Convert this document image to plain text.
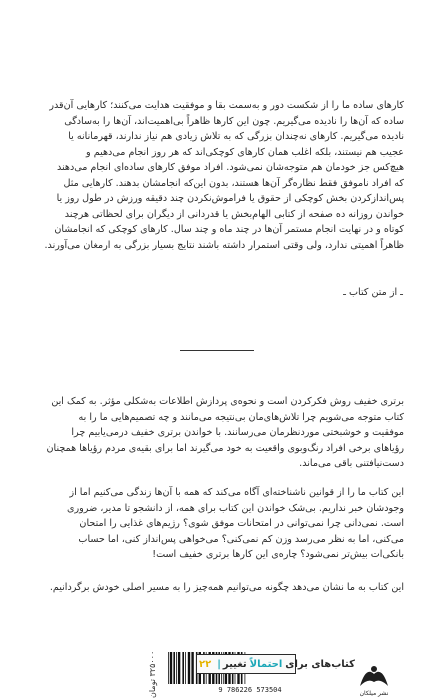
کارهای ساده ما را از شکست دور و به‌سمت بقا و موفقیت هدایت می‌کنند؛ کارهایی آن‌قدر
ساده که آن‌ها را نادیده می‌گیریم. چون این کارها ظاهراً بی‌اهمیت‌اند، آن‌ها را به‌سادگی
نادیده می‌گیریم. کارهای نه‌چندان بزرگی که به تلاش زیادی هم نیاز ندارند، قهرمانانه یا
عجیب هم نیستند، بلکه اغلب همان کارهای کوچکی‌اند که هر روز انجام می‌دهیم و
هیچ‌کس جز خودمان هم متوجه‌شان نمی‌شود. افراد موفق کارهای ساده‌ای انجام می‌دهند
که افراد ناموفق فقط نظاره‌گر آن‌ها هستند، بدون این‌که انجامشان بدهند. کارهایی مثل
پس‌اندازکردن بخش کوچکی از حقوق یا فراموش‌نکردن چند دقیقه ورزش در طول روز یا
خواندن روزانه ده صفحه از کتابی الهام‌بخش یا قدردانی از دیگران برای لحظاتی هرچند
کوتاه و در نهایت انجام مستمر آن‌ها در چند ماه و چند سال. کارهای کوچکی که انجامشان
ظاهراً اهمیتی ندارد، ولی وقتی استمرار داشته باشند نتایج بسیار بزرگی به ارمغان می‌آورند.
ـ از متن کتاب ـ
برتری خفیف روش فکرکردن است و نحوه‌ی پردازش اطلاعات به‌شکلی مؤثر. به کمک این
کتاب متوجه می‌شویم چرا تلاش‌های‌مان بی‌نتیجه می‌مانند و چه تصمیم‌هایی ما را به
موفقیت و خوشبختی موردنظرمان می‌رسانند. با خواندن برتری خفیف درمی‌یابیم چرا
رؤیاهای برخی افراد رنگ‌وبوی واقعیت به خود می‌گیرند اما برای بقیه‌ی مردم رؤیاها همچنان
دست‌نیافتنی باقی می‌ماند.
این کتاب ما را از قوانین ناشناخته‌ای آگاه می‌کند که همه با آن‌ها زندگی می‌کنیم اما از
وجودشان خبر نداریم. بی‌شک خواندن این کتاب برای همه، از دانشجو تا مدیر، ضروری
است. نمی‌دانی چرا نمی‌توانی در امتحانات موفق شوی؟ رژیم‌های غذایی را امتحان
می‌کنی، اما به نظر می‌رسد وزن کم نمی‌کنی؟ می‌خواهی پس‌انداز کنی، اما حساب
بانکی‌ات بیش‌تر نمی‌شود؟ چاره‌ی این کارها برتری خفیف است!
این کتاب به ما نشان می‌دهد چگونه می‌توانیم همه‌چیز را به مسیر اصلی خودش برگردانیم.
۳۲۵۰۰۰ تومان
9 786226 573504
کتاب‌های برای
احتمالاً
تغییر
|
۲۲
نشر میلکان
